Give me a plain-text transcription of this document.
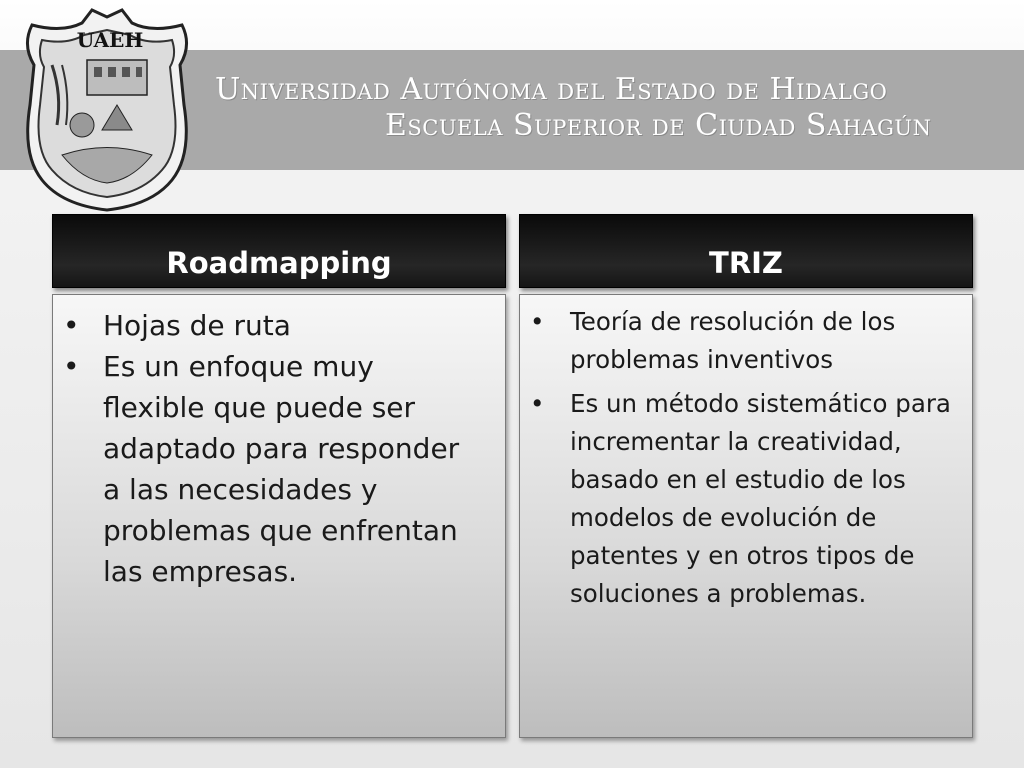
UAEH
Universidad Autónoma del Estado de Hidalgo
Escuela Superior de Ciudad Sahagún
Roadmapping	TRIZ
• Hojas de ruta
• Es un enfoque muy flexible que puede ser adaptado para responder a las necesidades y problemas que enfrentan las empresas.
• Teoría de resolución de los problemas inventivos
• Es un método sistemático para incrementar la creatividad, basado en el estudio de los modelos de evolución de patentes y en otros tipos de soluciones a problemas.
